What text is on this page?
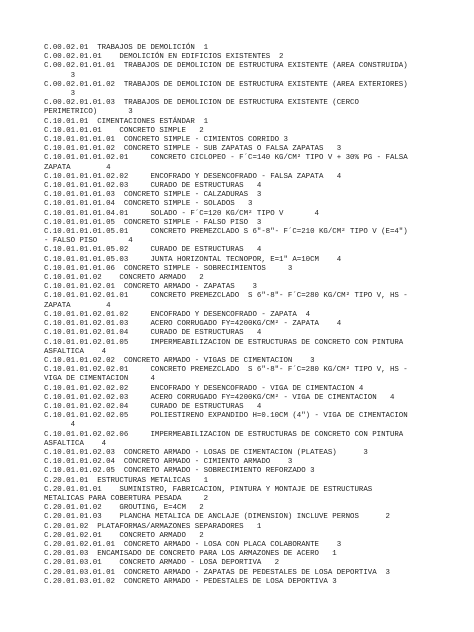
C.00.02.01  TRABAJOS DE DEMOLICIÓN  1
C.00.02.01.01    DEMOLICIÓN EN EDIFICIOS EXISTENTES  2
C.00.02.01.01.01  TRABAJOS DE DEMOLICION DE ESTRUCTURA EXISTENTE (AREA CONSTRUIDA)
3
C.00.02.01.01.02  TRABAJOS DE DEMOLICION DE ESTRUCTURA EXISTENTE (AREA EXTERIORES)
3
C.00.02.01.01.03  TRABAJOS DE DEMOLICION DE ESTRUCTURA EXISTENTE (CERCO
PERIMETRICO)       3
C.10.01.01  CIMENTACIONES ESTÁNDAR  1
C.10.01.01.01    CONCRETO SIMPLE   2
C.10.01.01.01.01  CONCRETO SIMPLE - CIMIENTOS CORRIDO 3
C.10.01.01.01.02  CONCRETO SIMPLE - SUB ZAPATAS O FALSA ZAPATAS   3
C.10.01.01.01.02.01     CONCRETO CICLOPEO - F´C=140 KG/CM² TIPO V + 30% PG - FALSA
ZAPATA        4
C.10.01.01.01.02.02     ENCOFRADO Y DESENCOFRADO - FALSA ZAPATA   4
C.10.01.01.01.02.03     CURADO DE ESTRUCTURAS   4
C.10.01.01.01.03  CONCRETO SIMPLE - CALZADURAS  3
C.10.01.01.01.04  CONCRETO SIMPLE - SOLADOS   3
C.10.01.01.01.04.01     SOLADO - F´C=120 KG/CM² TIPO V       4
C.10.01.01.01.05  CONCRETO SIMPLE - FALSO PISO  3
C.10.01.01.01.05.01     CONCRETO PREMEZCLADO S 6"-8"- F´C=210 KG/CM² TIPO V (E=4")
- FALSO PISO       4
C.10.01.01.01.05.02     CURADO DE ESTRUCTURAS   4
C.10.01.01.01.05.03     JUNTA HORIZONTAL TECNOPOR, E=1" A=10CM    4
C.10.01.01.01.06  CONCRETO SIMPLE - SOBRECIMIENTOS     3
C.10.01.01.02    CONCRETO ARMADO   2
C.10.01.01.02.01  CONCRETO ARMADO - ZAPATAS    3
C.10.01.01.02.01.01     CONCRETO PREMEZCLADO  S 6"-8"- F´C=280 KG/CM² TIPO V, HS -
ZAPATA        4
C.10.01.01.02.01.02     ENCOFRADO Y DESENCOFRADO - ZAPATA  4
C.10.01.01.02.01.03     ACERO CORRUGADO FY=4200KG/CM² - ZAPATA    4
C.10.01.01.02.01.04     CURADO DE ESTRUCTURAS   4
C.10.01.01.02.01.05     IMPERMEABILIZACION DE ESTRUCTURAS DE CONCRETO CON PINTURA
ASFALTICA    4
C.10.01.01.02.02  CONCRETO ARMADO - VIGAS DE CIMENTACION    3
C.10.01.01.02.02.01     CONCRETO PREMEZCLADO  S 6"-8"- F´C=280 KG/CM² TIPO V, HS -
VIGA DE CIMENTACION     4
C.10.01.01.02.02.02     ENCOFRADO Y DESENCOFRADO - VIGA DE CIMENTACION 4
C.10.01.01.02.02.03     ACERO CORRUGADO FY=4200KG/CM² - VIGA DE CIMENTACION   4
C.10.01.01.02.02.04     CURADO DE ESTRUCTURAS   4
C.10.01.01.02.02.05     POLIESTIRENO EXPANDIDO H=0.10CM (4") - VIGA DE CIMENTACION
4
C.10.01.01.02.02.06     IMPERMEABILIZACION DE ESTRUCTURAS DE CONCRETO CON PINTURA
ASFALTICA    4
C.10.01.01.02.03  CONCRETO ARMADO - LOSAS DE CIMENTACION (PLATEAS)      3
C.10.01.01.02.04  CONCRETO ARMADO - CIMIENTO ARMADO    3
C.10.01.01.02.05  CONCRETO ARMADO - SOBRECIMIENTO REFORZADO 3
C.20.01.01  ESTRUCTURAS METALICAS   1
C.20.01.01.01    SUMINISTRO, FABRICACION, PINTURA Y MONTAJE DE ESTRUCTURAS
METALICAS PARA COBERTURA PESADA     2
C.20.01.01.02    GROUTING, E=4CM   2
C.20.01.01.03    PLANCHA METALICA DE ANCLAJE (DIMENSION) INCLUVE PERNOS      2
C.20.01.02  PLATAFORMAS/ARMAZONES SEPARADORES   1
C.20.01.02.01    CONCRETO ARMADO   2
C.20.01.02.01.01  CONCRETO ARMADO - LOSA CON PLACA COLABORANTE    3
C.20.01.03  ENCAMISADO DE CONCRETO PARA LOS ARMAZONES DE ACERO   1
C.20.01.03.01    CONCRETO ARMADO - LOSA DEPORTIVA   2
C.20.01.03.01.01  CONCRETO ARMADO - ZAPATAS DE PEDESTALES DE LOSA DEPORTIVA  3
C.20.01.03.01.02  CONCRETO ARMADO - PEDESTALES DE LOSA DEPORTIVA 3
